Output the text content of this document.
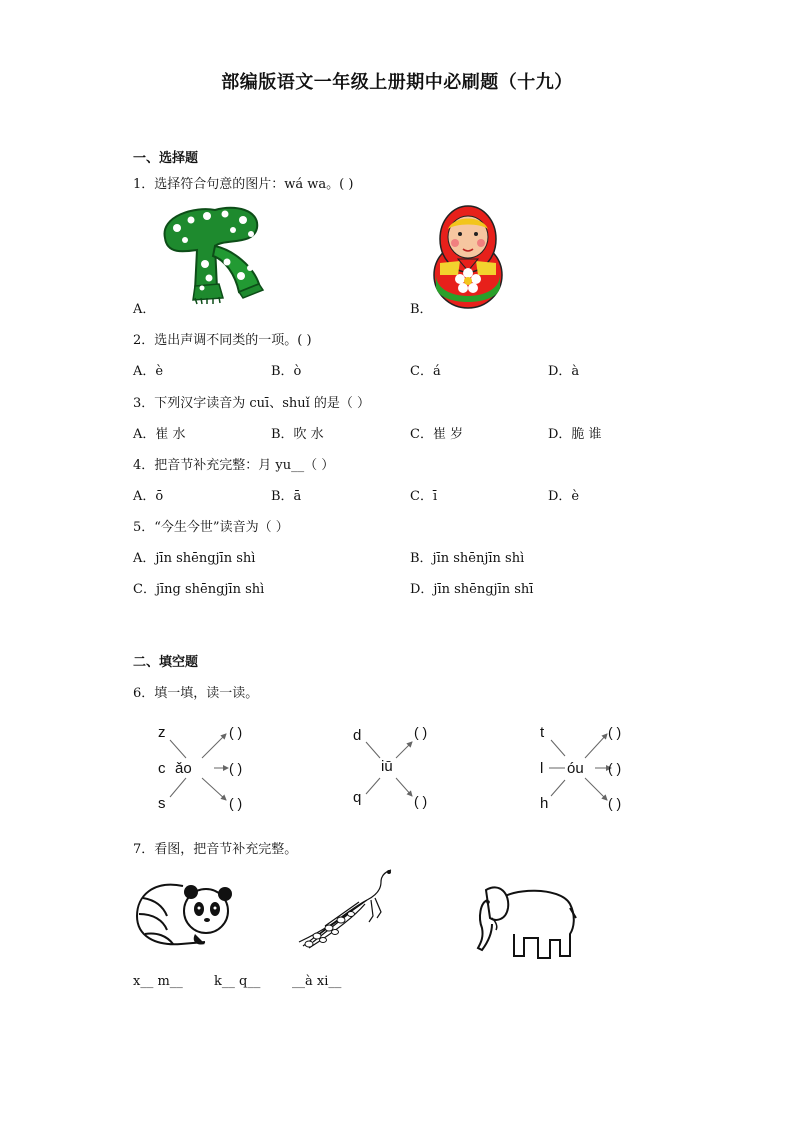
部编版语文一年级上册期中必刷题（十九）
一、选择题
1．选择符合句意的图片：wá wa。( )
A．	B．
2．选出声调不同类的一项。( )
A．è	B．ò	C．á	D．à
3．下列汉字读音为 cuī、shuǐ 的是（ ）
A．崔 水	B．吹 水	C．崔 岁	D．脆 谁
4．把音节补充完整：月 yu__（ ）
A．ō	B．ā	C．ī	D．è
5．“今生今世”读音为（ ）
A．jīn shēngjīn shì	B．jīn shēnjīn shì
C．jīng shēngjīn shì	D．jīn shēngjīn shī
二、填空题
6．填一填，读一读。
z
c
s
ǎo
( )
( )
( )
d
q
iū
( )
( )
t
l
h
óu
( )
( )
( )
7．看图，把音节补充完整。
x__ m__ k__ q__ __à xi__
